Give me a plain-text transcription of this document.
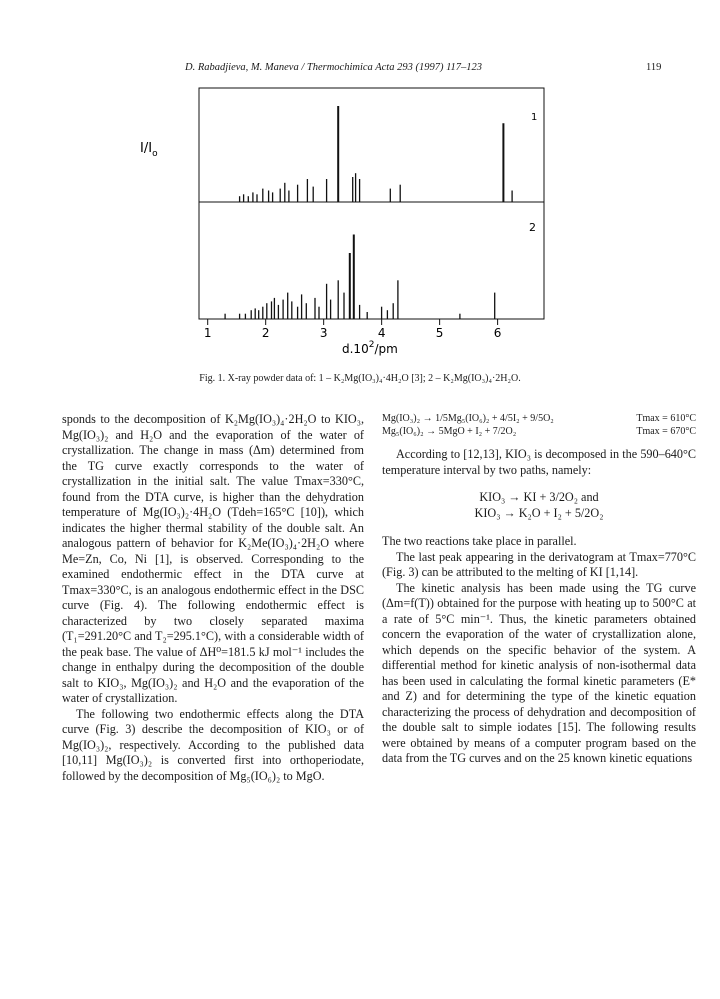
D. Rabadjieva, M. Maneva / Thermochimica Acta 293 (1997) 117–123	119
$I/I_o$
1
2
1	2	3	4	5	6
$d.10^2/pm$
Fig. 1. X-ray powder data of: 1 – K₂Mg(IO₃)₄·4H₂O [3]; 2 – K₂Mg(IO₃)₄·2H₂O.

sponds to the decomposition of K₂Mg(IO₃)₄·2H₂O to KIO₃, Mg(IO₃)₂ and H₂O and the evaporation of the water of crystallization. The change in mass (Δm) determined from the TG curve exactly corresponds to the water of crystallization in the initial salt. The value Tmax=330°C, found from the DTA curve, is higher than the dehydration temperature of Mg(IO₃)₂·4H₂O (Tdeh=165°C [10]), which indicates the higher thermal stability of the double salt. An analogous pattern of behavior for K₂Me(IO₃)₄·2H₂O where Me=Zn, Co, Ni [1], is observed. Corresponding to the examined endothermic effect in the DTA curve at Tmax=330°C, is an analogous endothermic effect in the DSC curve (Fig. 4). The following endothermic effect is characterized by two closely separated maxima (T₁=291.20°C and T₂=295.1°C), with a considerable width of the peak base. The value of ΔH⁰=181.5 kJ mol⁻¹ includes the change in enthalpy during the decomposition of the double salt to KIO₃, Mg(IO₃)₂ and H₂O and the evaporation of the water of crystallization.

The following two endothermic effects along the DTA curve (Fig. 3) describe the decomposition of KIO₃ or of Mg(IO₃)₂, respectively. According to the published data [10,11] Mg(IO₃)₂ is converted first into orthoperiodate, followed by the decomposition of Mg₅(IO₆)₂ to MgO.

Mg(IO₃)₂ → 1/5Mg₅(IO₆)₂ + 4/5I₂ + 9/5O₂	Tmax = 610°C
Mg₅(IO₆)₂ → 5MgO + I₂ + 7/2O₂	Tmax = 670°C

According to [12,13], KIO₃ is decomposed in the 590–640°C temperature interval by two paths, namely:

KIO₃ → KI + 3/2O₂ and
KIO₃ → K₂O + I₂ + 5/2O₂

The two reactions take place in parallel.

The last peak appearing in the derivatogram at Tmax=770°C (Fig. 3) can be attributed to the melting of KI [1,14].

The kinetic analysis has been made using the TG curve (Δm=f(T)) obtained for the purpose with heating up to 500°C at a rate of 5°C min⁻¹. Thus, the kinetic parameters obtained concern the evaporation of the water of crystallization alone, which depends on the specific behavior of the system. A differential method for kinetic analysis of non-isothermal data has been used in calculating the formal kinetic parameters (E* and Z) and for determining the type of the kinetic equation characterizing the process of dehydration and decomposition of the double salt to simple iodates [15]. The following results were obtained by means of a computer program based on the data from the TG curves and on the 25 known kinetic equations
